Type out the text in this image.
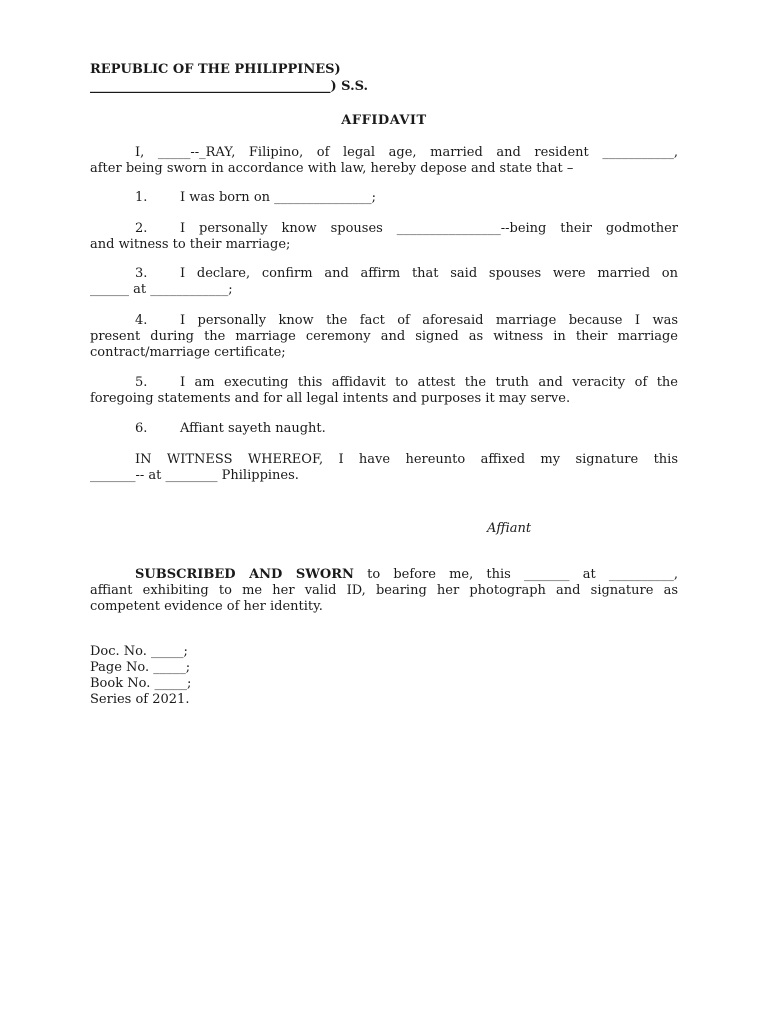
REPUBLIC OF THE PHILIPPINES)
_____________________________________) S.S.
AFFIDAVIT
I, _____--_RAY, Filipino, of legal age, married and resident ___________,
after being sworn in accordance with law, hereby depose and state that –
1.	I was born on _______________;
2.	I personally know spouses ________________--being their godmother
and witness to their marriage;
3.	I declare, confirm and affirm that said spouses were married on
______ at ____________;
4.	I personally know the fact of aforesaid marriage because I was
present during the marriage ceremony and signed as witness in their marriage
contract/marriage certificate;
5.	I am executing this affidavit to attest the truth and veracity of the
foregoing statements and for all legal intents and purposes it may serve.
6.	Affiant sayeth naught.
IN WITNESS WHEREOF, I have hereunto affixed my signature this
_______-- at ________ Philippines.
Affiant
SUBSCRIBED AND SWORN to before me, this _______ at __________,
affiant exhibiting to me her valid ID, bearing her photograph and signature as
competent evidence of her identity.
Doc. No. _____;
Page No. _____;
Book No. _____;
Series of 2021.
